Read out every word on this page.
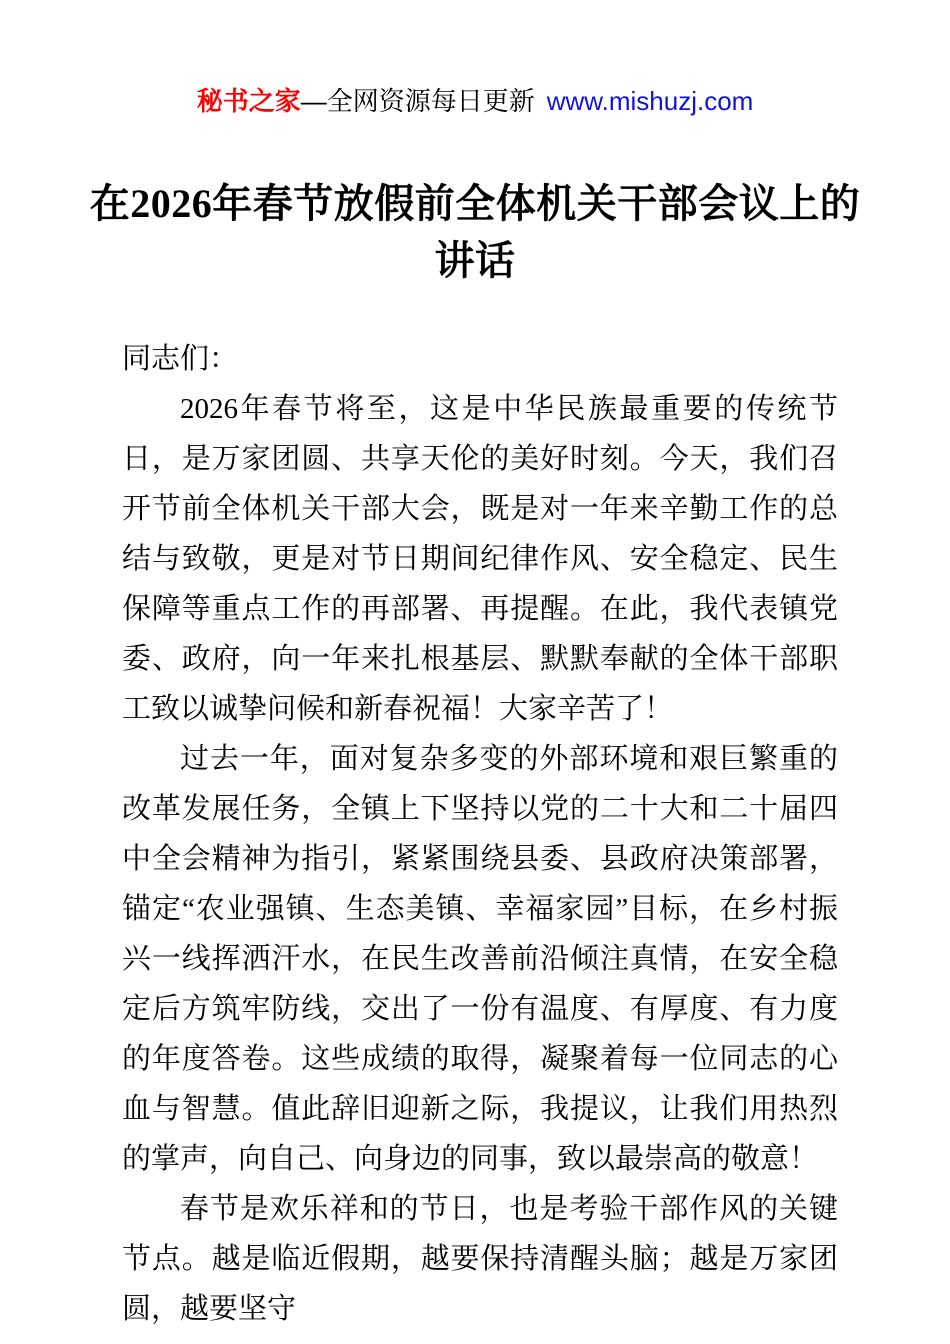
秘书之家—全网资源每日更新 www.mishuzj.com
在2026年春节放假前全体机关干部会议上的讲话

同志们：

2026年春节将至，这是中华民族最重要的传统节日，是万家团圆、共享天伦的美好时刻。今天，我们召开节前全体机关干部大会，既是对一年来辛勤工作的总结与致敬，更是对节日期间纪律作风、安全稳定、民生保障等重点工作的再部署、再提醒。在此，我代表镇党委、政府，向一年来扎根基层、默默奉献的全体干部职工致以诚挚问候和新春祝福！大家辛苦了！

过去一年，面对复杂多变的外部环境和艰巨繁重的改革发展任务，全镇上下坚持以党的二十大和二十届四中全会精神为指引，紧紧围绕县委、县政府决策部署，锚定“农业强镇、生态美镇、幸福家园”目标，在乡村振兴一线挥洒汗水，在民生改善前沿倾注真情，在安全稳定后方筑牢防线，交出了一份有温度、有厚度、有力度的年度答卷。这些成绩的取得，凝聚着每一位同志的心血与智慧。值此辞旧迎新之际，我提议，让我们用热烈的掌声，向自己、向身边的同事，致以最崇高的敬意！

春节是欢乐祥和的节日，也是考验干部作风的关键节点。越是临近假期，越要保持清醒头脑；越是万家团圆，越要坚守
